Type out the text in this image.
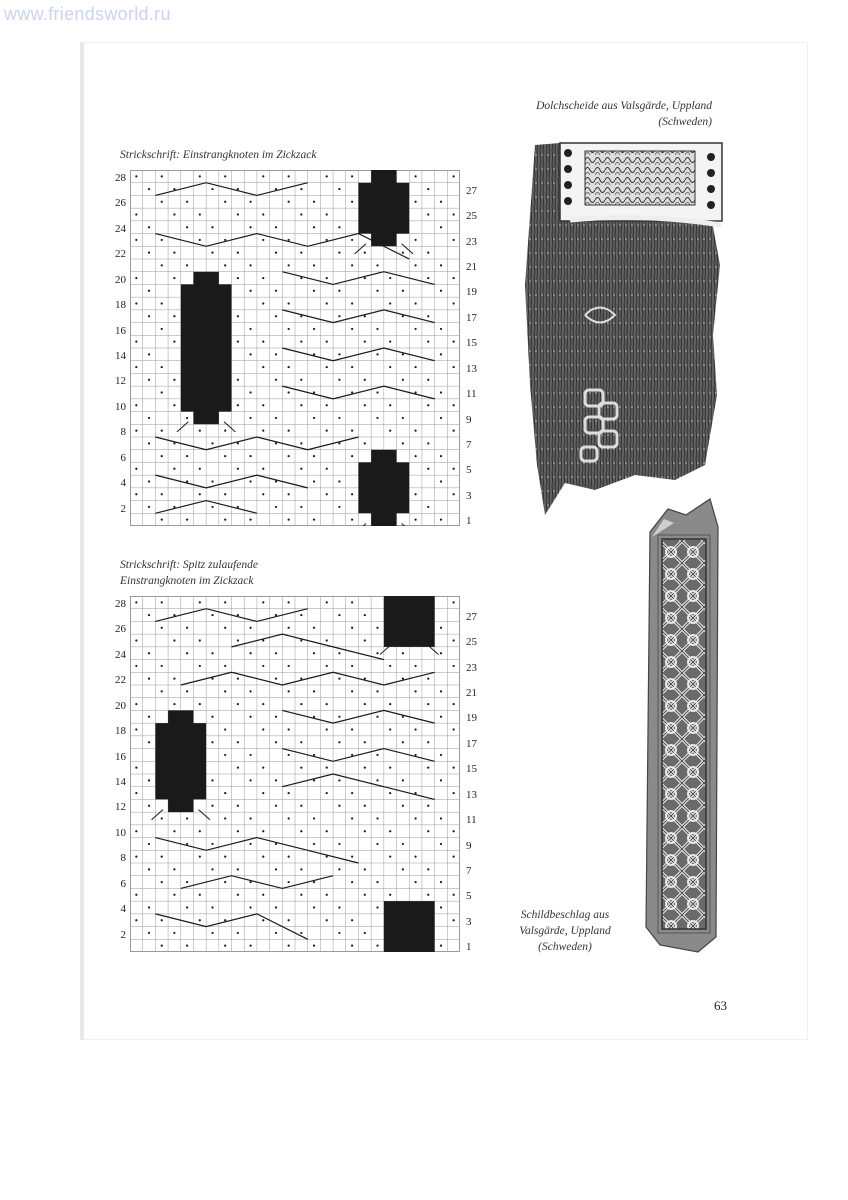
www.friendsworld.ru
Strickschrift: Einstrangknoten im Zickzack
28
26
24
22
20
18
16
14
12
10
8
6
4
2
27
25
23
21
19
17
15
13
11
9
7
5
3
1
Strickschrift: Spitz zulaufende
Einstrangknoten im Zickzack
28
26
24
22
20
18
16
14
12
10
8
6
4
2
27
25
23
21
19
17
15
13
11
9
7
5
3
1
Dolchscheide aus Valsgärde, Uppland
(Schweden)
Schildbeschlag aus
Valsgärde, Uppland
(Schweden)
63
